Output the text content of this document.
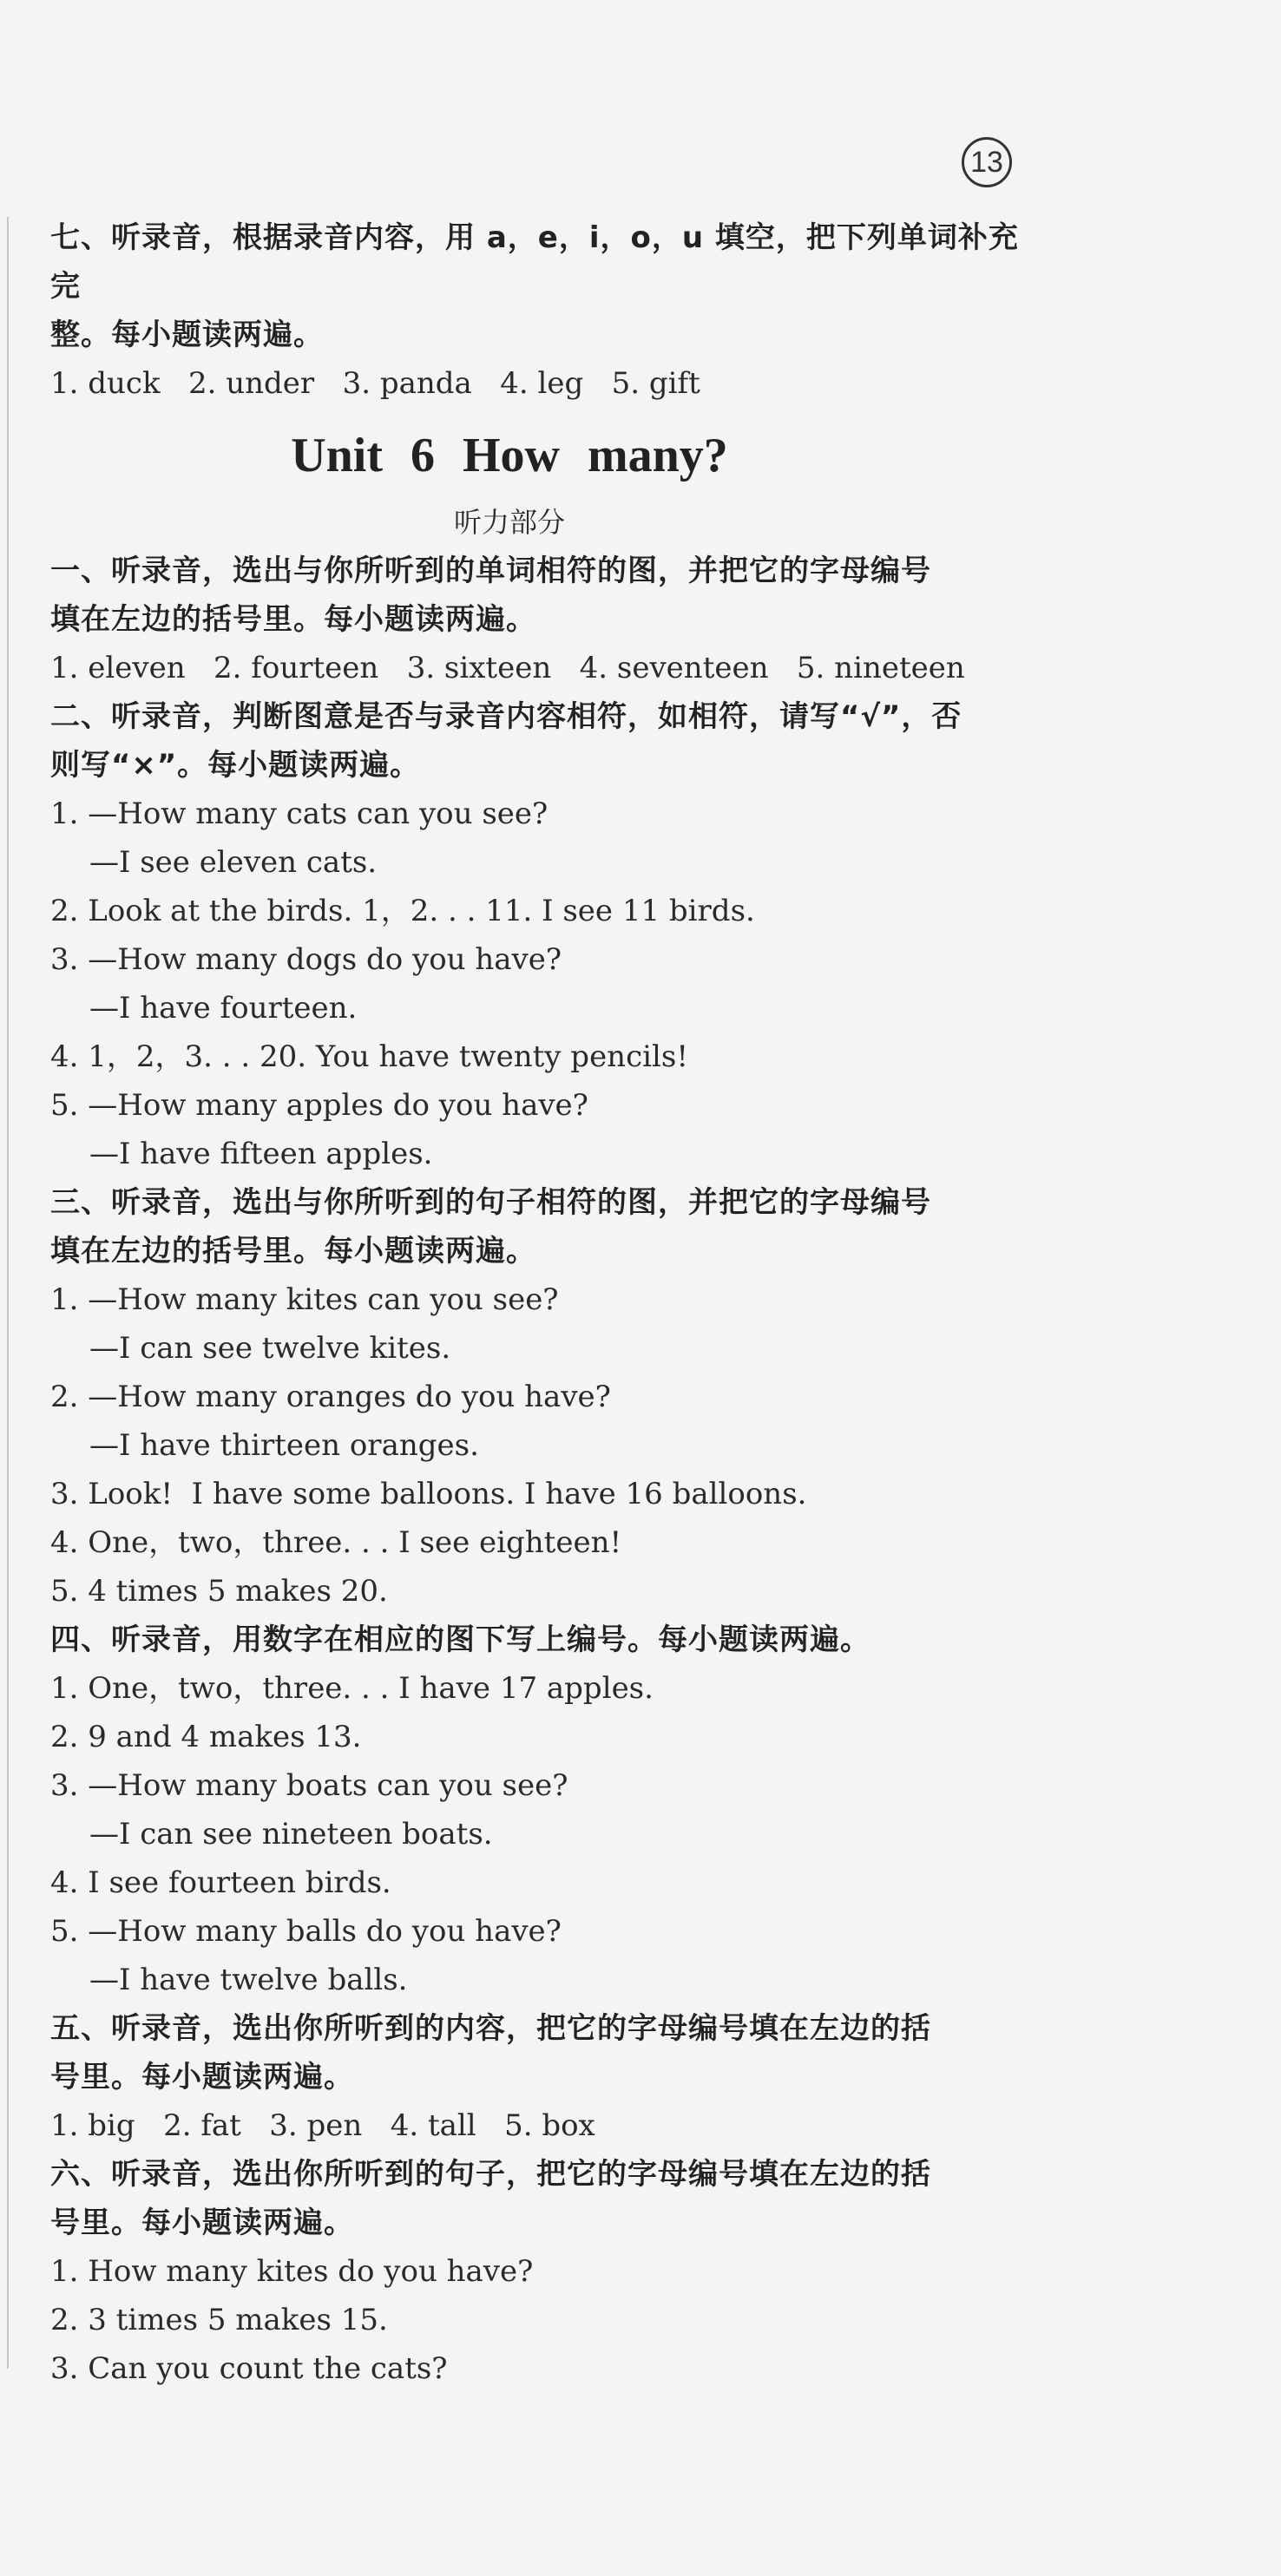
13
七、听录音，根据录音内容，用 a，e，i，o，u 填空，把下列单词补充完
整。每小题读两遍。
1. duck   2. under   3. panda   4. leg   5. gift
Unit 6 How many?
听力部分
一、听录音，选出与你所听到的单词相符的图，并把它的字母编号
填在左边的括号里。每小题读两遍。
1. eleven   2. fourteen   3. sixteen   4. seventeen   5. nineteen
二、听录音，判断图意是否与录音内容相符，如相符，请写“√”，否
则写“×”。每小题读两遍。
1. —How many cats can you see?
—I see eleven cats.
2. Look at the birds. 1，2. . . 11. I see 11 birds.
3. —How many dogs do you have?
—I have fourteen.
4. 1，2，3. . . 20. You have twenty pencils!
5. —How many apples do you have?
—I have fifteen apples.
三、听录音，选出与你所听到的句子相符的图，并把它的字母编号
填在左边的括号里。每小题读两遍。
1. —How many kites can you see?
—I can see twelve kites.
2. —How many oranges do you have?
—I have thirteen oranges.
3. Look!  I have some balloons. I have 16 balloons.
4. One，two，three. . . I see eighteen!
5. 4 times 5 makes 20.
四、听录音，用数字在相应的图下写上编号。每小题读两遍。
1. One，two，three. . . I have 17 apples.
2. 9 and 4 makes 13.
3. —How many boats can you see?
—I can see nineteen boats.
4. I see fourteen birds.
5. —How many balls do you have?
—I have twelve balls.
五、听录音，选出你所听到的内容，把它的字母编号填在左边的括
号里。每小题读两遍。
1. big   2. fat   3. pen   4. tall   5. box
六、听录音，选出你所听到的句子，把它的字母编号填在左边的括
号里。每小题读两遍。
1. How many kites do you have?
2. 3 times 5 makes 15.
3. Can you count the cats?
